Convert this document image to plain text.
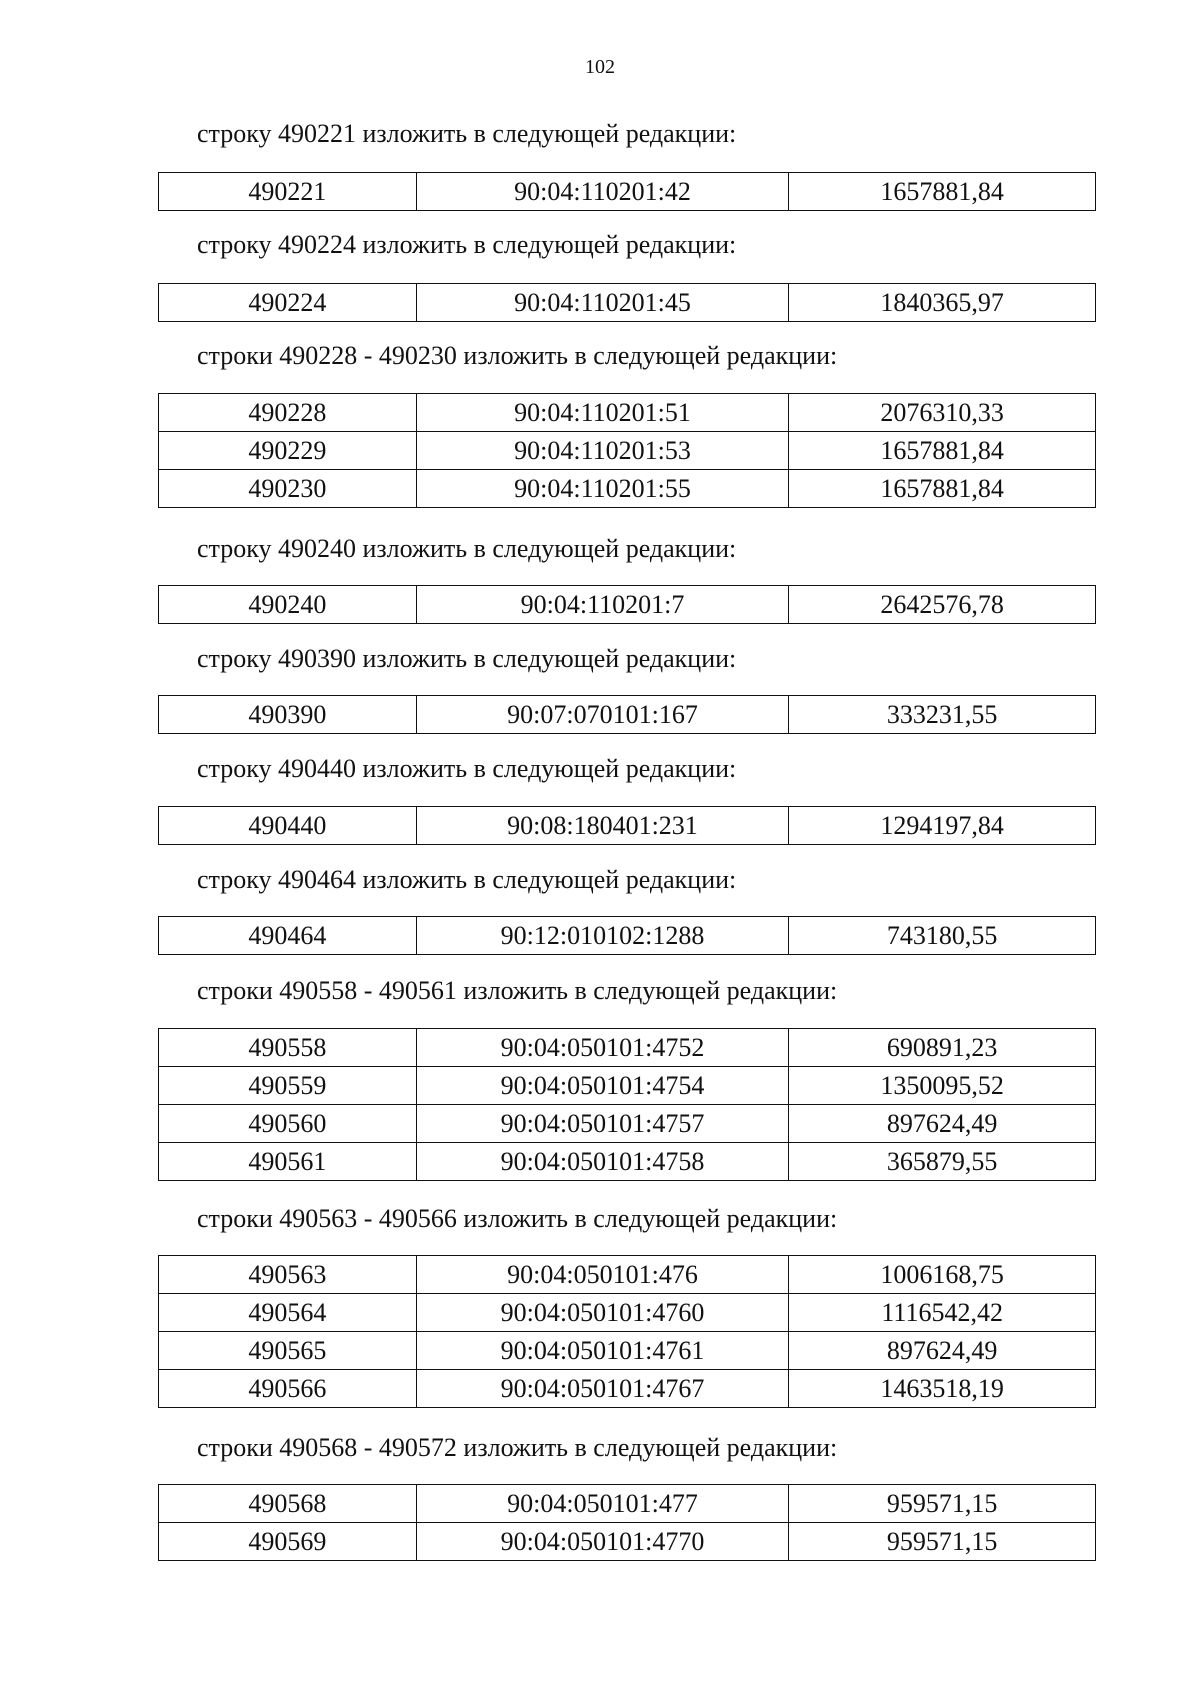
102
строку 490221 изложить в следующей редакции:
490221	90:04:110201:42	1657881,84
строку 490224 изложить в следующей редакции:
490224	90:04:110201:45	1840365,97
строки 490228 - 490230 изложить в следующей редакции:
490228	90:04:110201:51	2076310,33
490229	90:04:110201:53	1657881,84
490230	90:04:110201:55	1657881,84
строку 490240 изложить в следующей редакции:
490240	90:04:110201:7	2642576,78
строку 490390 изложить в следующей редакции:
490390	90:07:070101:167	333231,55
строку 490440 изложить в следующей редакции:
490440	90:08:180401:231	1294197,84
строку 490464 изложить в следующей редакции:
490464	90:12:010102:1288	743180,55
строки 490558 - 490561 изложить в следующей редакции:
490558	90:04:050101:4752	690891,23
490559	90:04:050101:4754	1350095,52
490560	90:04:050101:4757	897624,49
490561	90:04:050101:4758	365879,55
строки 490563 - 490566 изложить в следующей редакции:
490563	90:04:050101:476	1006168,75
490564	90:04:050101:4760	1116542,42
490565	90:04:050101:4761	897624,49
490566	90:04:050101:4767	1463518,19
строки 490568 - 490572 изложить в следующей редакции:
490568	90:04:050101:477	959571,15
490569	90:04:050101:4770	959571,15
